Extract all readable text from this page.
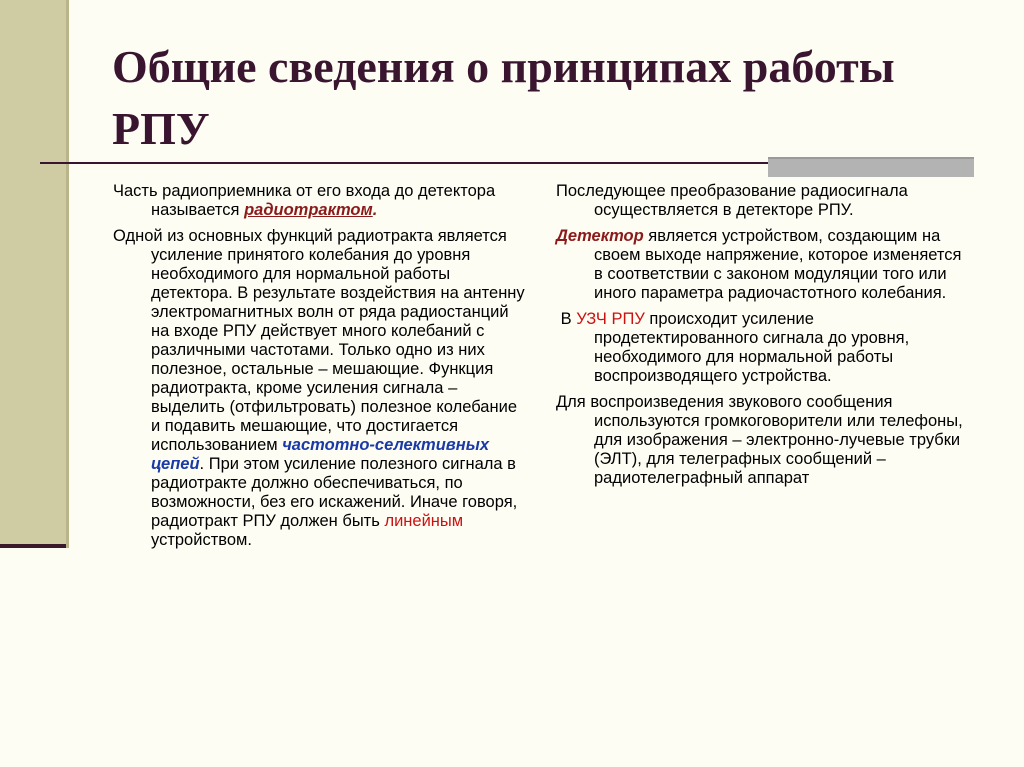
Общие сведения о принципах работы РПУ

Часть радиоприемника от его входа до детектора называется радиотрактом.

Одной из основных функций радиотракта является усиление принятого колебания до уровня необходимого для нормальной работы детектора. В результате воздействия на антенну электромагнитных волн от ряда радиостанций на входе РПУ действует много колебаний с различными частотами. Только одно из них полезное, остальные – мешающие. Функция радиотракта, кроме усиления сигнала – выделить (отфильтровать) полезное колебание и подавить мешающие, что достигается использованием частотно-селективных цепей. При этом усиление полезного сигнала в радиотракте должно обеспечиваться, по возможности, без его искажений. Иначе говоря, радиотракт РПУ должен быть линейным устройством.

Последующее преобразование радиосигнала осуществляется в детекторе РПУ.

Детектор является устройством, создающим на своем выходе напряжение, которое изменяется в соответствии с законом модуляции того или иного параметра радиочастотного колебания.

В УЗЧ РПУ происходит усиление продетектированного сигнала до уровня, необходимого для нормальной работы воспроизводящего устройства.

Для воспроизведения звукового сообщения используются громкоговорители или телефоны, для изображения – электронно-лучевые трубки (ЭЛТ), для телеграфных сообщений – радиотелеграфный аппарат
